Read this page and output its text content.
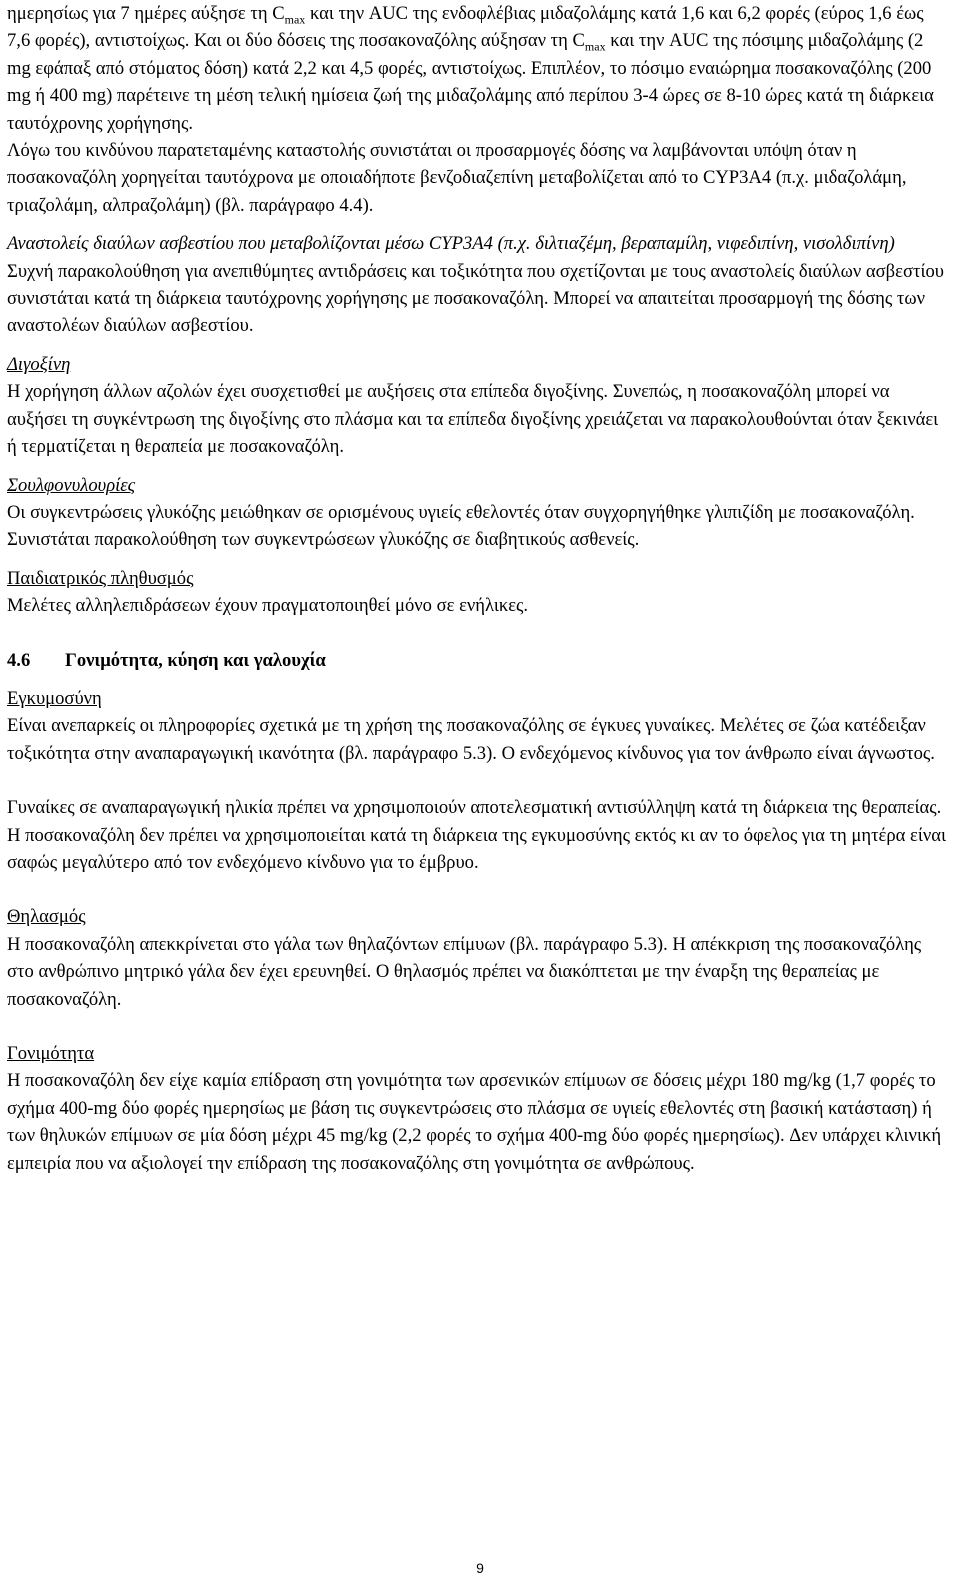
ημερησίως για 7 ημέρες αύξησε τη $C_{max}$ και την AUC της ενδοφλέβιας μιδαζολάμης κατά 1,6 και 6,2 φορές (εύρος 1,6 έως 7,6 φορές), αντιστοίχως. Και οι δύο δόσεις της ποσακοναζόλης αύξησαν τη $C_{max}$ και την AUC της πόσιμης μιδαζολάμης (2 mg εφάπαξ από στόματος δόση) κατά 2,2 και 4,5 φορές, αντιστοίχως. Επιπλέον, το πόσιμο εναιώρημα ποσακοναζόλης (200 mg ή 400 mg) παρέτεινε τη μέση τελική ημίσεια ζωή της μιδαζολάμης από περίπου 3-4 ώρες σε 8-10 ώρες κατά τη διάρκεια ταυτόχρονης χορήγησης.

Λόγω του κινδύνου παρατεταμένης καταστολής συνιστάται οι προσαρμογές δόσης να λαμβάνονται υπόψη όταν η ποσακοναζόλη χορηγείται ταυτόχρονα με οποιαδήποτε βενζοδιαζεπίνη μεταβολίζεται από το CYP3A4 (π.χ. μιδαζολάμη, τριαζολάμη, αλπραζολάμη) (βλ. παράγραφο 4.4).

Αναστολείς διαύλων ασβεστίου που μεταβολίζονται μέσω CYP3A4 (π.χ. διλτιαζέμη, βεραπαμίλη, νιφεδιπίνη, νισολδιπίνη)

Συχνή παρακολούθηση για ανεπιθύμητες αντιδράσεις και τοξικότητα που σχετίζονται με τους αναστολείς διαύλων ασβεστίου συνιστάται κατά τη διάρκεια ταυτόχρονης χορήγησης με ποσακοναζόλη. Μπορεί να απαιτείται προσαρμογή της δόσης των αναστολέων διαύλων ασβεστίου.

Διγοξίνη

Η χορήγηση άλλων αζολών έχει συσχετισθεί με αυξήσεις στα επίπεδα διγοξίνης. Συνεπώς, η ποσακοναζόλη μπορεί να αυξήσει τη συγκέντρωση της διγοξίνης στο πλάσμα και τα επίπεδα διγοξίνης χρειάζεται να παρακολουθούνται όταν ξεκινάει ή τερματίζεται η θεραπεία με ποσακοναζόλη.

Σουλφονυλουρίες

Οι συγκεντρώσεις γλυκόζης μειώθηκαν σε ορισμένους υγιείς εθελοντές όταν συγχορηγήθηκε γλιπιζίδη με ποσακοναζόλη. Συνιστάται παρακολούθηση των συγκεντρώσεων γλυκόζης σε διαβητικούς ασθενείς.

Παιδιατρικός πληθυσμός

Μελέτες αλληλεπιδράσεων έχουν πραγματοποιηθεί μόνο σε ενήλικες.

4.6 Γονιμότητα, κύηση και γαλουχία

Εγκυμοσύνη

Είναι ανεπαρκείς οι πληροφορίες σχετικά με τη χρήση της ποσακοναζόλης σε έγκυες γυναίκες. Μελέτες σε ζώα κατέδειξαν τοξικότητα στην αναπαραγωγική ικανότητα (βλ. παράγραφο 5.3). Ο ενδεχόμενος κίνδυνος για τον άνθρωπο είναι άγνωστος.

Γυναίκες σε αναπαραγωγική ηλικία πρέπει να χρησιμοποιούν αποτελεσματική αντισύλληψη κατά τη διάρκεια της θεραπείας. Η ποσακοναζόλη δεν πρέπει να χρησιμοποιείται κατά τη διάρκεια της εγκυμοσύνης εκτός κι αν το όφελος για τη μητέρα είναι σαφώς μεγαλύτερο από τον ενδεχόμενο κίνδυνο για το έμβρυο.

Θηλασμός

Η ποσακοναζόλη απεκκρίνεται στο γάλα των θηλαζόντων επίμυων (βλ. παράγραφο 5.3). Η απέκκριση της ποσακοναζόλης στο ανθρώπινο μητρικό γάλα δεν έχει ερευνηθεί. Ο θηλασμός πρέπει να διακόπτεται με την έναρξη της θεραπείας με ποσακοναζόλη.

Γονιμότητα

Η ποσακοναζόλη δεν είχε καμία επίδραση στη γονιμότητα των αρσενικών επίμυων σε δόσεις μέχρι 180 mg/kg (1,7 φορές το σχήμα 400-mg δύο φορές ημερησίως με βάση τις συγκεντρώσεις στο πλάσμα σε υγιείς εθελοντές στη βασική κατάσταση) ή των θηλυκών επίμυων σε μία δόση μέχρι 45 mg/kg (2,2 φορές το σχήμα 400-mg δύο φορές ημερησίως). Δεν υπάρχει κλινική εμπειρία που να αξιολογεί την επίδραση της ποσακοναζόλης στη γονιμότητα σε ανθρώπους.

9
